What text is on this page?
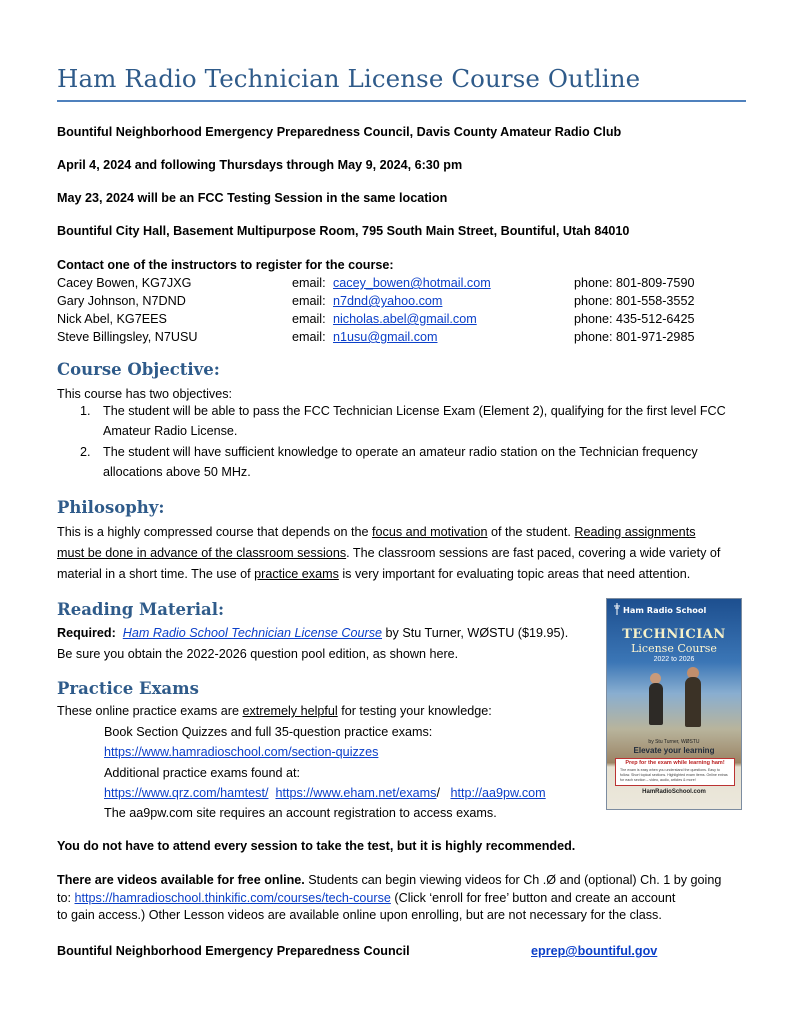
Ham Radio Technician License Course Outline
Bountiful Neighborhood Emergency Preparedness Council, Davis County Amateur Radio Club
April 4, 2024 and following Thursdays through May 9, 2024, 6:30 pm
May 23, 2024 will be an FCC Testing Session in the same location
Bountiful City Hall, Basement Multipurpose Room, 795 South Main Street, Bountiful, Utah 84010
Contact one of the instructors to register for the course:
Cacey Bowen, KG7JXG	email: cacey_bowen@hotmail.com	phone: 801-809-7590
Gary Johnson, N7DND	email: n7dnd@yahoo.com	phone: 801-558-3552
Nick Abel, KG7EES	email: nicholas.abel@gmail.com	phone: 435-512-6425
Steve Billingsley, N7USU	email: n1usu@gmail.com	phone: 801-971-2985
Course Objective:
This course has two objectives:
1. The student will be able to pass the FCC Technician License Exam (Element 2), qualifying for the first level FCC
Amateur Radio License.
2. The student will have sufficient knowledge to operate an amateur radio station on the Technician frequency
allocations above 50 MHz.
Philosophy:
This is a highly compressed course that depends on the focus and motivation of the student. Reading assignments
must be done in advance of the classroom sessions. The classroom sessions are fast paced, covering a wide variety of
material in a short time. The use of practice exams is very important for evaluating topic areas that need attention.
Reading Material:
Required: Ham Radio School Technician License Course by Stu Turner, WØSTU ($19.95).
Be sure you obtain the 2022-2026 question pool edition, as shown here.
Practice Exams
These online practice exams are extremely helpful for testing your knowledge:
Book Section Quizzes and full 35-question practice exams:
https://www.hamradioschool.com/section-quizzes
Additional practice exams found at:
https://www.qrz.com/hamtest/ https://www.eham.net/exams/ http://aa9pw.com
The aa9pw.com site requires an account registration to access exams.
You do not have to attend every session to take the test, but it is highly recommended.
There are videos available for free online. Students can begin viewing videos for Ch .Ø and (optional) Ch. 1 by going
to: https://hamradioschool.thinkific.com/courses/tech-course (Click ‘enroll for free’ button and create an account
to gain access.) Other Lesson videos are available online upon enrolling, but are not necessary for the class.
Bountiful Neighborhood Emergency Preparedness Council	eprep@bountiful.gov
Ham Radio School
TECHNICIAN
License Course
2022 to 2026
by Stu Turner, WØSTU
Elevate your learning
Prep for the exam while learning ham!
The exam is easy when you understand the questions. Easy to follow. Short topical sections. Highlighted exam items. Online extras for each section – video, audio, articles & more!
HamRadioSchool.com
